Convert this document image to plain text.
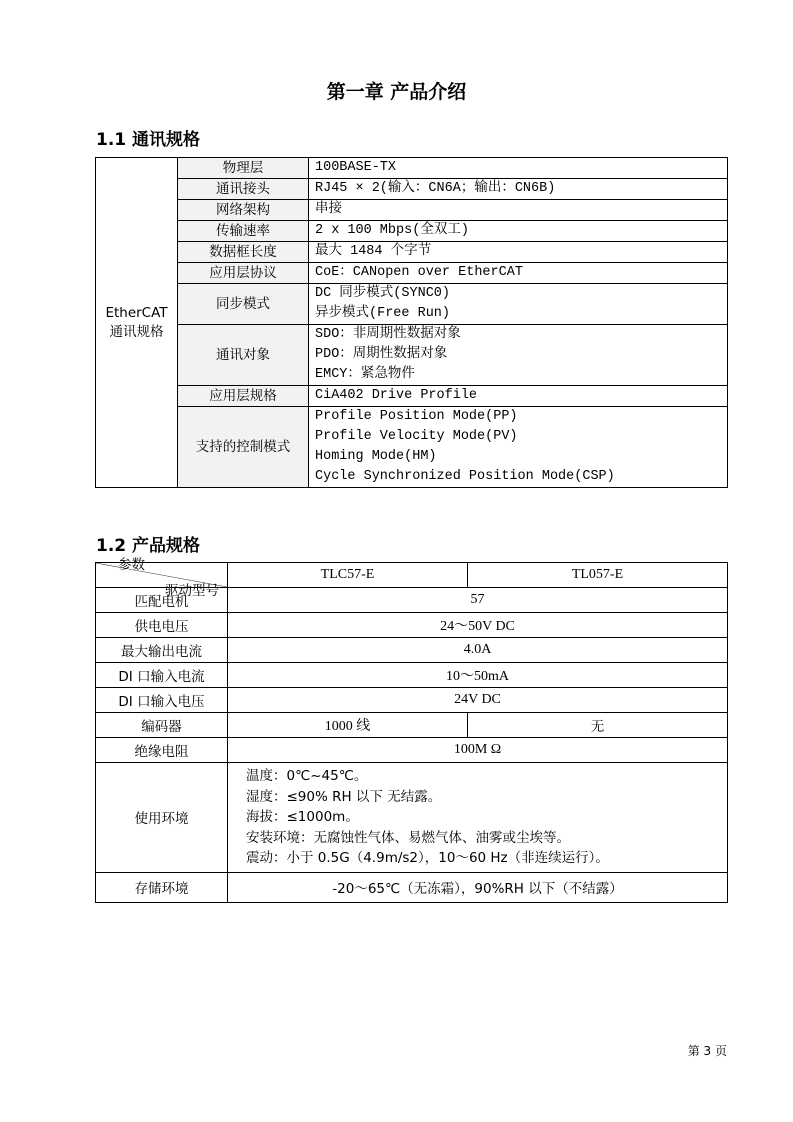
第一章 产品介绍
1.1 通讯规格
EtherCAT
通讯规格	物理层	100BASE-TX

	通讯接头	RJ45 × 2(输入：CN6A；输出：CN6B)

	网络架构	串接

	传输速率	2 x 100 Mbps(全双工)

	数据框长度	最大 1484 个字节

	应用层协议	CoE：CANopen over EtherCAT

	同步模式	DC 同步模式(SYNC0)
异步模式(Free Run)

	通讯对象	SDO：非周期性数据对象
PDO：周期性数据对象
EMCY：紧急物件

	应用层规格	CiA402 Drive Profile

	支持的控制模式	Profile Position Mode(PP)
Profile Velocity Mode(PV)
Homing Mode(HM)
Cycle Synchronized Position Mode(CSP)
1.2 产品规格
驱动型号
参数	TLC57-E	TL057-E
匹配电机	57	
供电电压	24～50V DC	
最大输出电流	4.0A	
DI 口输入电流	10～50mA	
DI 口输入电压	24V DC	
编码器	1000 线	无
绝缘电阻	100M Ω	
使用环境	温度：0℃~45℃。
湿度：≤90% RH 以下 无结露。
海拔：≤1000m。
安装环境：无腐蚀性气体、易燃气体、油雾或尘埃等。
震动：小于 0.5G（4.9m/s2），10～60 Hz（非连续运行）。	

存储环境	-20～65℃（无冻霜），90%RH 以下（不结露）	
第 3 页
